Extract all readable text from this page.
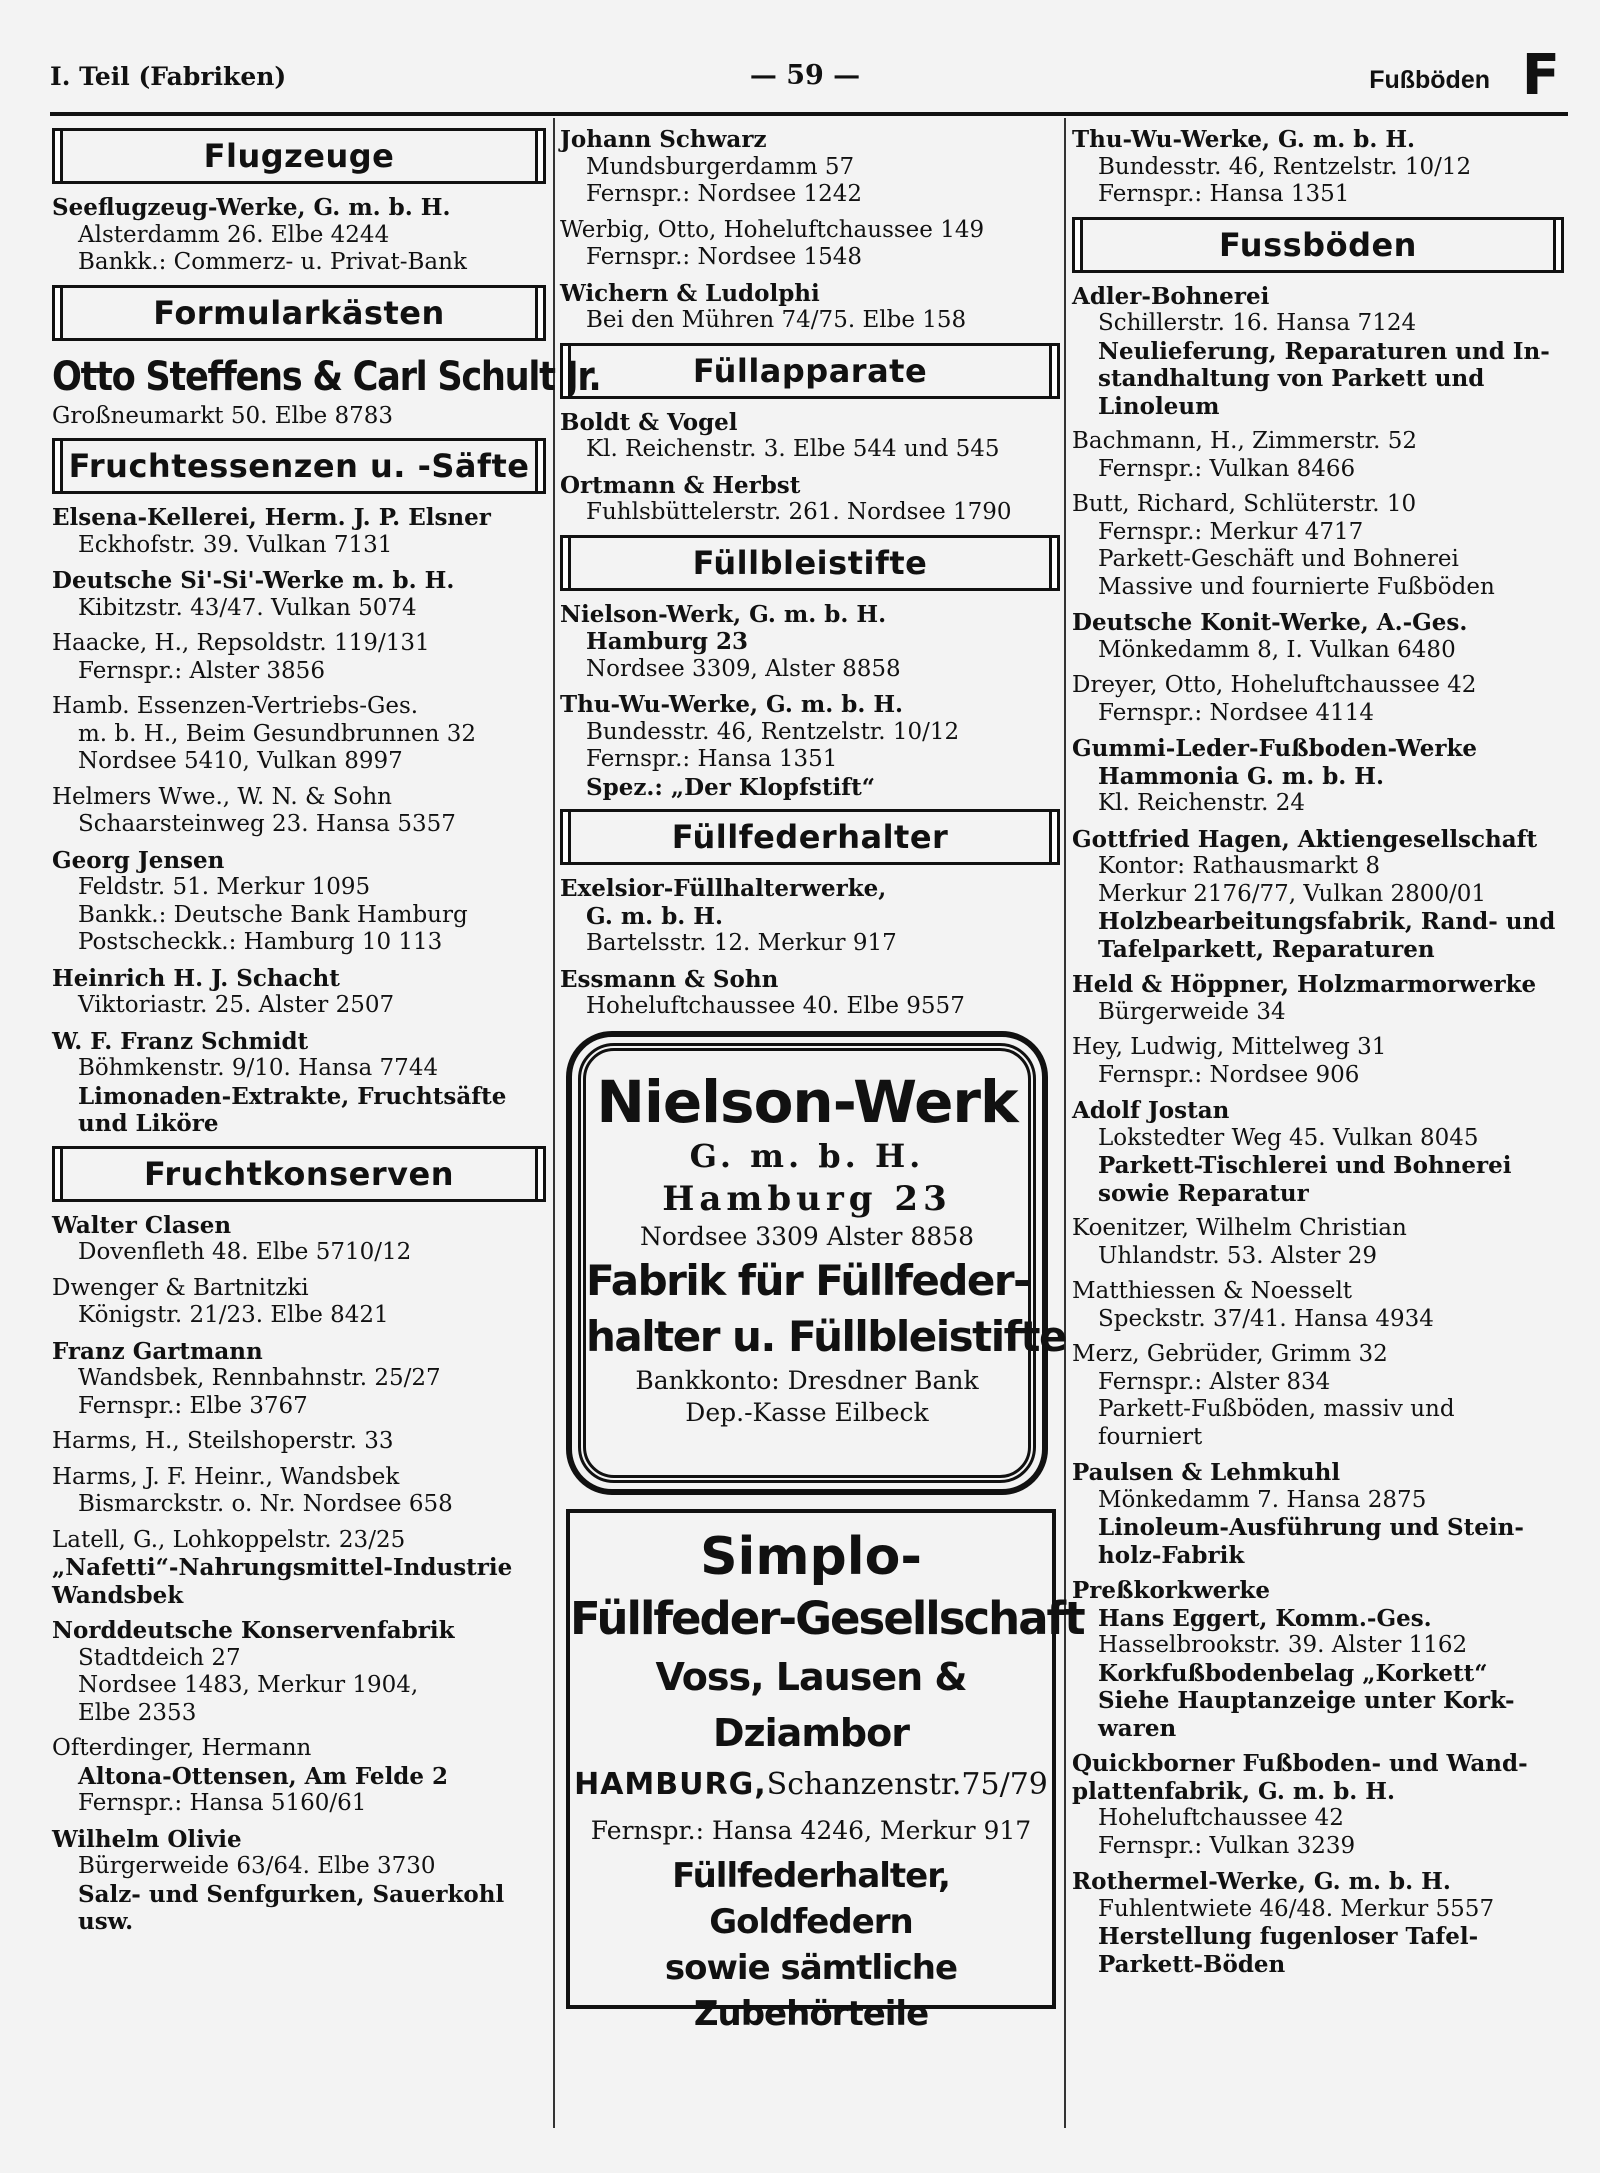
I. Teil (Fabriken)	— 59 —	Fußböden F
Flugzeuge
Seeflugzeug-Werke, G. m. b. H.
Alsterdamm 26. Elbe 4244
Bankk.: Commerz- u. Privat-Bank
Formularkästen
Otto Steffens & Carl Schult Jr.
Großneumarkt 50. Elbe 8783
Fruchtessenzen u. -Säfte
Elsena-Kellerei, Herm. J. P. Elsner
Eckhofstr. 39. Vulkan 7131
Deutsche Si'-Si'-Werke m. b. H.
Kibitzstr. 43/47. Vulkan 5074
Haacke, H., Repsoldstr. 119/131
Fernspr.: Alster 3856
Hamb. Essenzen-Vertriebs-Ges.
m. b. H., Beim Gesundbrunnen 32
Nordsee 5410, Vulkan 8997
Helmers Wwe., W. N. & Sohn
Schaarsteinweg 23. Hansa 5357
Georg Jensen
Feldstr. 51. Merkur 1095
Bankk.: Deutsche Bank Hamburg
Postscheckk.: Hamburg 10 113
Heinrich H. J. Schacht
Viktoriastr. 25. Alster 2507
W. F. Franz Schmidt
Böhmkenstr. 9/10. Hansa 7744
Limonaden-Extrakte, Fruchtsäfte
und Liköre
Fruchtkonserven
Walter Clasen
Dovenfleth 48. Elbe 5710/12
Dwenger & Bartnitzki
Königstr. 21/23. Elbe 8421
Franz Gartmann
Wandsbek, Rennbahnstr. 25/27
Fernspr.: Elbe 3767
Harms, H., Steilshoperstr. 33
Harms, J. F. Heinr., Wandsbek
Bismarckstr. o. Nr. Nordsee 658
Latell, G., Lohkoppelstr. 23/25
„Nafetti“-Nahrungsmittel-Industrie
Wandsbek
Norddeutsche Konservenfabrik
Stadtdeich 27
Nordsee 1483, Merkur 1904,
Elbe 2353
Ofterdinger, Hermann
Altona-Ottensen, Am Felde 2
Fernspr.: Hansa 5160/61
Wilhelm Olivie
Bürgerweide 63/64. Elbe 3730
Salz- und Senfgurken, Sauerkohl
usw.
Johann Schwarz
Mundsburgerdamm 57
Fernspr.: Nordsee 1242
Werbig, Otto, Hoheluftchaussee 149
Fernspr.: Nordsee 1548
Wichern & Ludolphi
Bei den Mühren 74/75. Elbe 158
Füllapparate
Boldt & Vogel
Kl. Reichenstr. 3. Elbe 544 und 545
Ortmann & Herbst
Fuhlsbüttelerstr. 261. Nordsee 1790
Füllbleistifte
Nielson-Werk, G. m. b. H.
Hamburg 23
Nordsee 3309, Alster 8858
Thu-Wu-Werke, G. m. b. H.
Bundesstr. 46, Rentzelstr. 10/12
Fernspr.: Hansa 1351
Spez.: „Der Klopfstift“
Füllfederhalter
Exelsior-Füllhalterwerke,
G. m. b. H.
Bartelsstr. 12. Merkur 917
Essmann & Sohn
Hoheluftchaussee 40. Elbe 9557
Nielson-Werk
G. m. b. H.
Hamburg 23
Nordsee 3309 Alster 8858
Fabrik für Füllfeder-
halter u. Füllbleistifte
Bankkonto: Dresdner Bank
Dep.-Kasse Eilbeck
Simplo-
Füllfeder-Gesellschaft
Voss, Lausen & Dziambor
HAMBURG,Schanzenstr.75/79
Fernspr.: Hansa 4246, Merkur 917
Füllfederhalter, Goldfedern
sowie sämtliche Zubehörteile
Thu-Wu-Werke, G. m. b. H.
Bundesstr. 46, Rentzelstr. 10/12
Fernspr.: Hansa 1351
Fussböden
Adler-Bohnerei
Schillerstr. 16. Hansa 7124
Neulieferung, Reparaturen und In-
standhaltung von Parkett und
Linoleum
Bachmann, H., Zimmerstr. 52
Fernspr.: Vulkan 8466
Butt, Richard, Schlüterstr. 10
Fernspr.: Merkur 4717
Parkett-Geschäft und Bohnerei
Massive und fournierte Fußböden
Deutsche Konit-Werke, A.-Ges.
Mönkedamm 8, I. Vulkan 6480
Dreyer, Otto, Hoheluftchaussee 42
Fernspr.: Nordsee 4114
Gummi-Leder-Fußboden-Werke
Hammonia G. m. b. H.
Kl. Reichenstr. 24
Gottfried Hagen, Aktiengesellschaft
Kontor: Rathausmarkt 8
Merkur 2176/77, Vulkan 2800/01
Holzbearbeitungsfabrik, Rand- und
Tafelparkett, Reparaturen
Held & Höppner, Holzmarmorwerke
Bürgerweide 34
Hey, Ludwig, Mittelweg 31
Fernspr.: Nordsee 906
Adolf Jostan
Lokstedter Weg 45. Vulkan 8045
Parkett-Tischlerei und Bohnerei
sowie Reparatur
Koenitzer, Wilhelm Christian
Uhlandstr. 53. Alster 29
Matthiessen & Noesselt
Speckstr. 37/41. Hansa 4934
Merz, Gebrüder, Grimm 32
Fernspr.: Alster 834
Parkett-Fußböden, massiv und
fourniert
Paulsen & Lehmkuhl
Mönkedamm 7. Hansa 2875
Linoleum-Ausführung und Stein-
holz-Fabrik
Preßkorkwerke
Hans Eggert, Komm.-Ges.
Hasselbrookstr. 39. Alster 1162
Korkfußbodenbelag „Korkett“
Siehe Hauptanzeige unter Kork-
waren
Quickborner Fußboden- und Wand-
plattenfabrik, G. m. b. H.
Hoheluftchaussee 42
Fernspr.: Vulkan 3239
Rothermel-Werke, G. m. b. H.
Fuhlentwiete 46/48. Merkur 5557
Herstellung fugenloser Tafel-
Parkett-Böden
